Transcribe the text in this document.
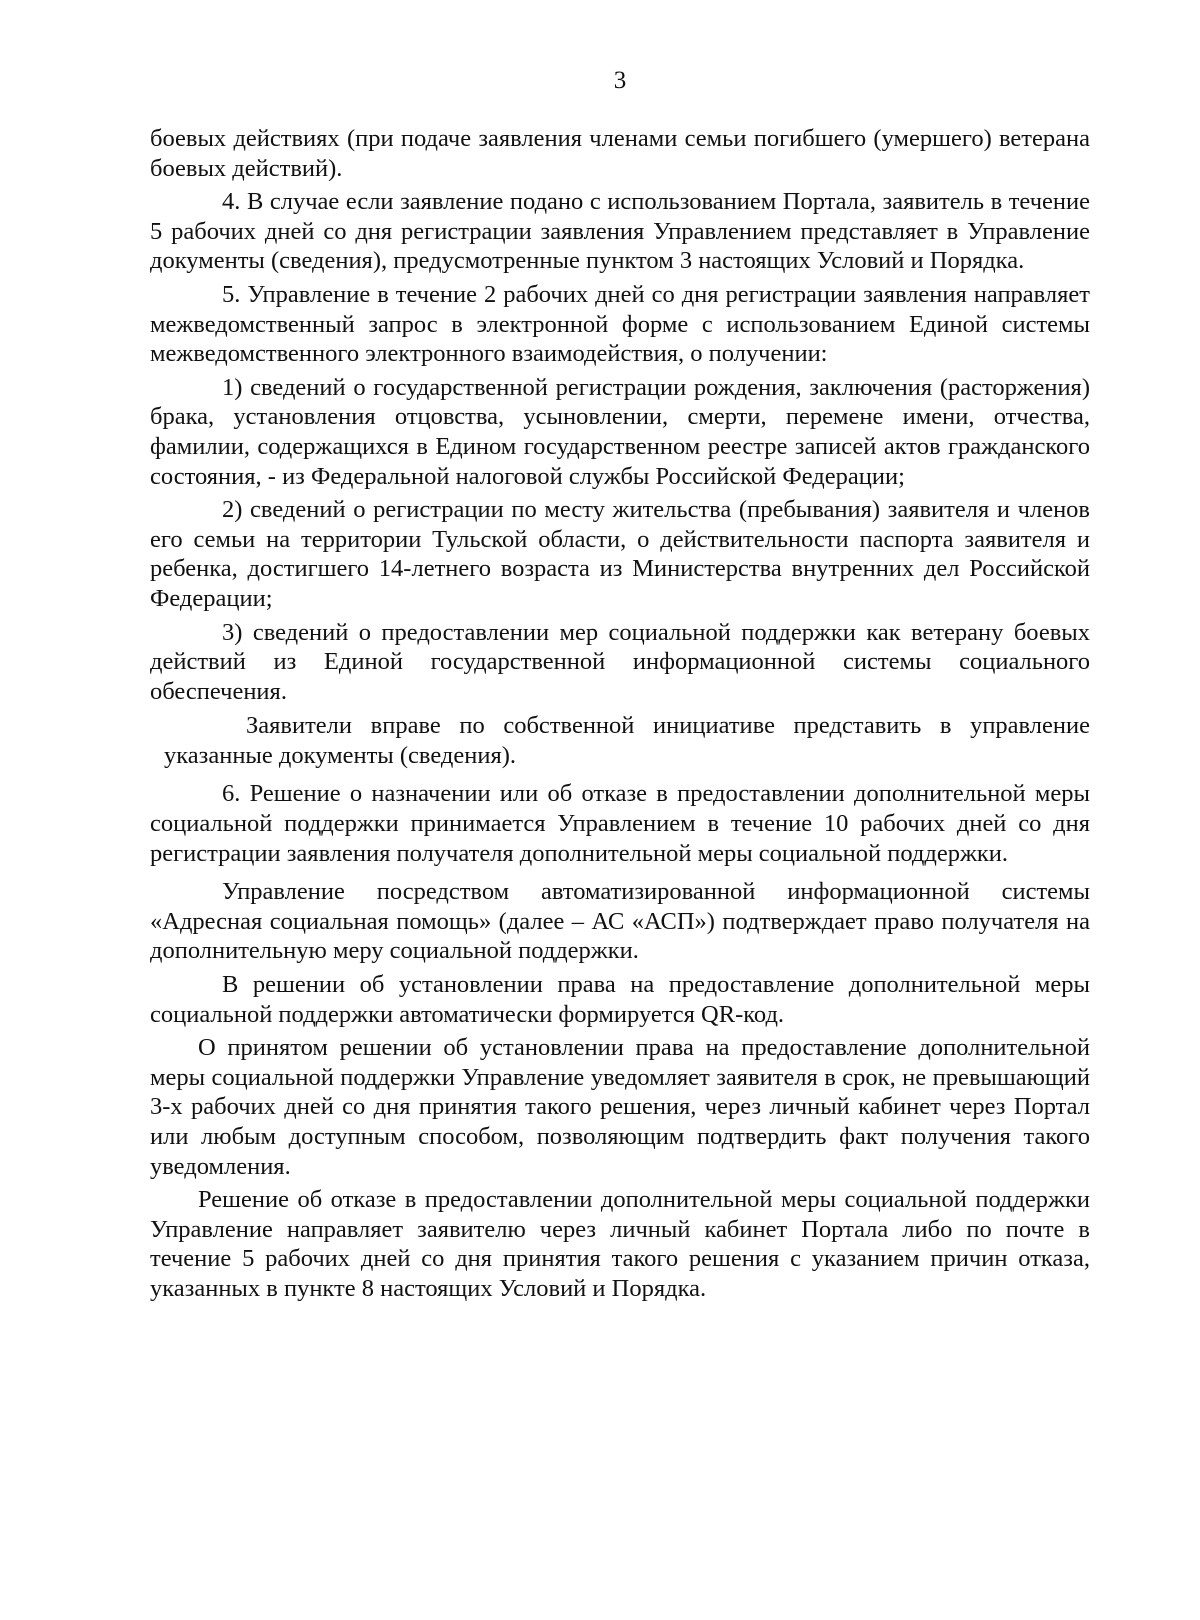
3

боевых действиях (при подаче заявления членами семьи погибшего (умершего) ветерана боевых действий).

4. В случае если заявление подано с использованием Портала, заявитель в течение 5 рабочих дней со дня регистрации заявления Управлением представляет в Управление документы (сведения), предусмотренные пунктом 3 настоящих Условий и Порядка.

5. Управление в течение 2 рабочих дней со дня регистрации заявления направляет межведомственный запрос в электронной форме с использованием Единой системы межведомственного электронного взаимодействия, о получении:

1) сведений о государственной регистрации рождения, заключения (расторжения) брака, установления отцовства, усыновлении, смерти, перемене имени, отчества, фамилии, содержащихся в Едином государственном реестре записей актов гражданского состояния, - из Федеральной налоговой службы Российской Федерации;

2) сведений о регистрации по месту жительства (пребывания) заявителя и членов его семьи на территории Тульской области, о действительности паспорта заявителя и ребенка, достигшего 14-летнего возраста из Министерства внутренних дел Российской Федерации;

3) сведений о предоставлении мер социальной поддержки как ветерану боевых действий из Единой государственной информационной системы социального обеспечения.

Заявители вправе по собственной инициативе представить в управление указанные документы (сведения).

6. Решение о назначении или об отказе в предоставлении дополнительной меры социальной поддержки принимается Управлением в течение 10 рабочих дней со дня регистрации заявления получателя дополнительной меры социальной поддержки.

Управление посредством автоматизированной информационной системы «Адресная социальная помощь» (далее – АС «АСП») подтверждает право получателя на дополнительную меру социальной поддержки.

В решении об установлении права на предоставление дополнительной меры социальной поддержки автоматически формируется QR-код.

О принятом решении об установлении права на предоставление дополнительной меры социальной поддержки Управление уведомляет заявителя в срок, не превышающий 3-х рабочих дней со дня принятия такого решения, через личный кабинет через Портал или любым доступным способом, позволяющим подтвердить факт получения такого уведомления.

Решение об отказе в предоставлении дополнительной меры социальной поддержки Управление направляет заявителю через личный кабинет Портала либо по почте в течение 5 рабочих дней со дня принятия такого решения с указанием причин отказа, указанных в пункте 8 настоящих Условий и Порядка.
